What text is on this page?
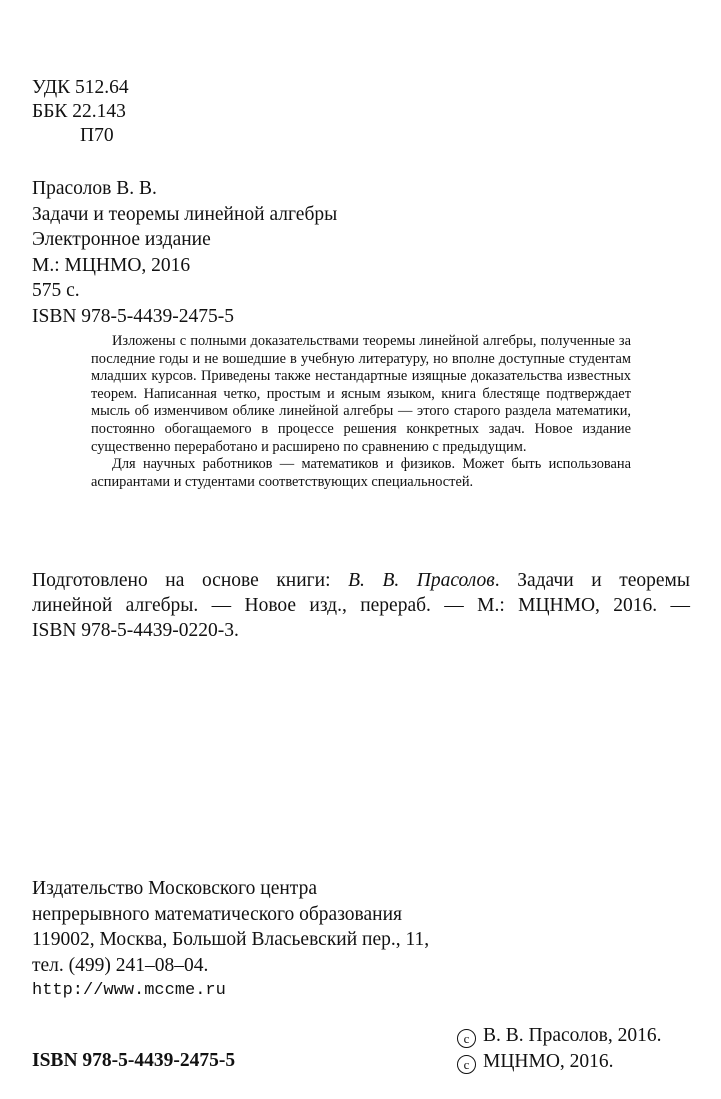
УДК 512.64
ББК 22.143
П70
Прасолов В. В.
Задачи и теоремы линейной алгебры
Электронное издание
М.: МЦНМО, 2016
575 с.
ISBN 978-5-4439-2475-5

Изложены с полными доказательствами теоремы линейной алгебры, полученные за последние годы и не вошедшие в учебную литературу, но вполне доступные студентам младших курсов. Приведены также нестандартные изящные доказательства известных теорем. Написанная четко, простым и ясным языком, книга блестяще подтверждает мысль об изменчивом облике линейной алгебры — этого старого раздела математики, постоянно обогащаемого в процессе решения конкретных задач. Новое издание существенно переработано и расширено по сравнению с предыдущим.

Для научных работников — математиков и физиков. Может быть использована аспирантами и студентами соответствующих специальностей.

Подготовлено на основе книги: В. В. Прасолов. Задачи и теоремы
линейной алгебры. — Новое изд., перераб. — М.: МЦНМО, 2016. —
ISBN 978-5-4439-0220-3.
Издательство Московского центра
непрерывного математического образования
119002, Москва, Большой Власьевский пер., 11,
тел. (499) 241–08–04.
http://www.mccme.ru
ISBN 978-5-4439-2475-5
c В. В. Прасолов, 2016.
c МЦНМО, 2016.
